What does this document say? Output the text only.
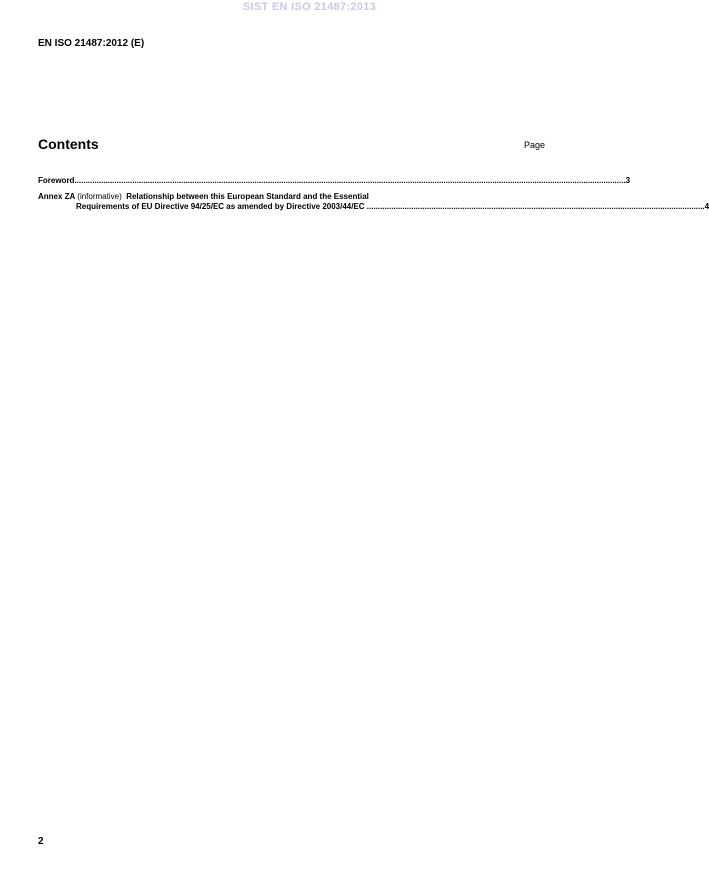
SIST EN ISO 21487:2013
EN ISO 21487:2012 (E)
Contents	Page
Foreword ........................................................................................................................................................................................................................................................ 3
Annex ZA (informative) Relationship between this European Standard and the Essential
Requirements of EU Directive 94/25/EC as amended by Directive 2003/44/EC ........................................................................................................................................................ 4
2
